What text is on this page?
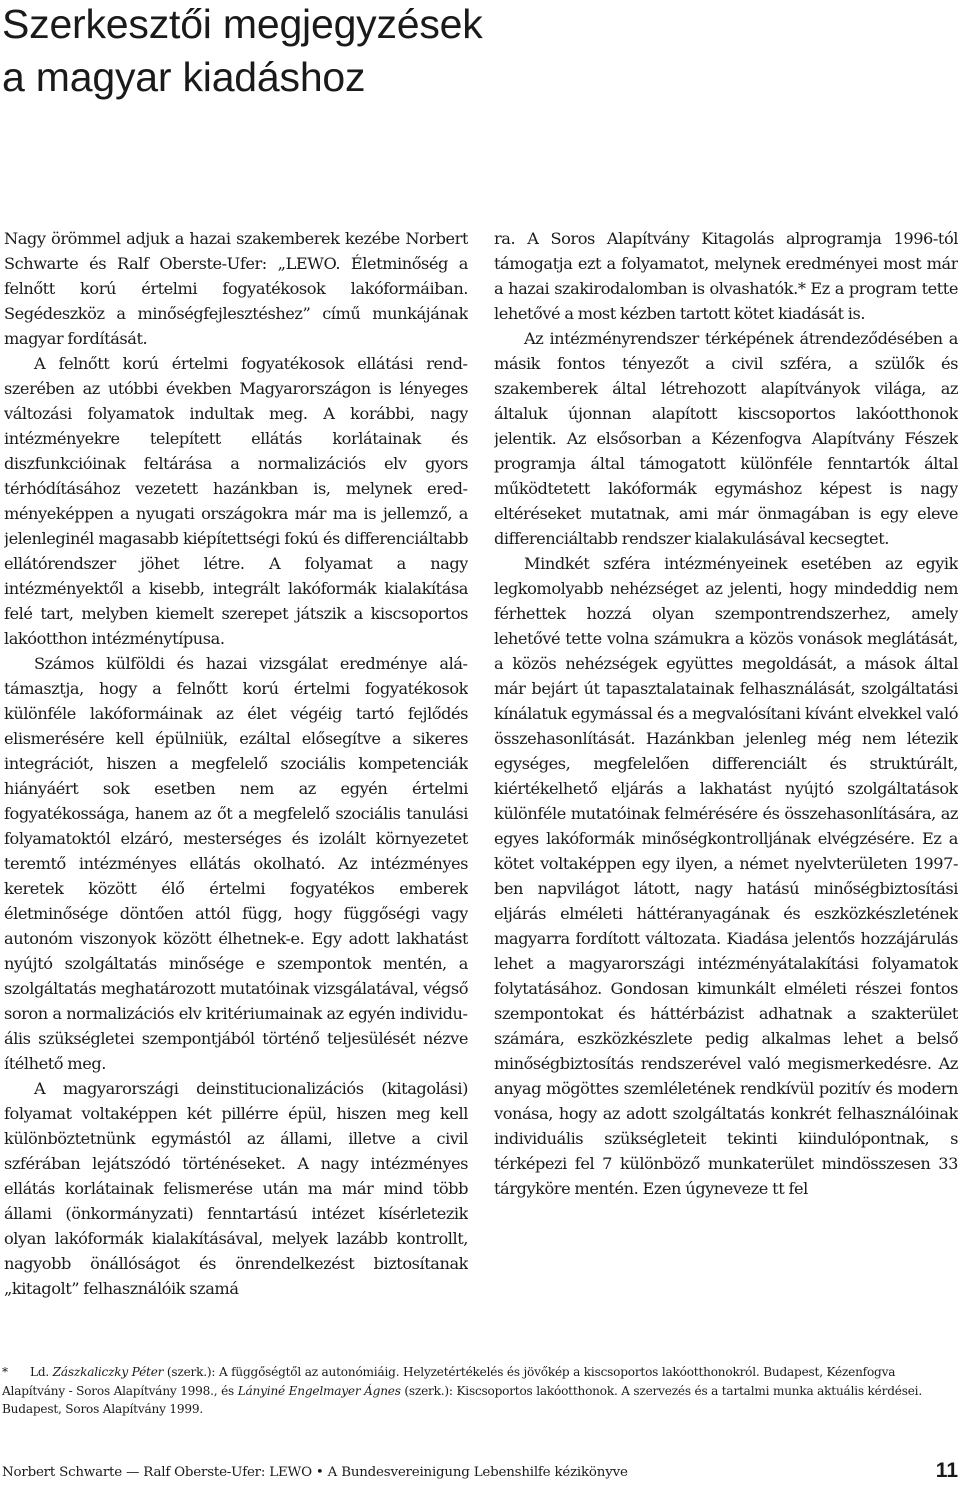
Szerkesztői megjegyzések
a magyar kiadáshoz

Nagy örömmel adjuk a hazai szakemberek kezébe Norbert Schwarte és Ralf Oberste-Ufer: „LEWO. Életminőség a felnőtt korú értelmi fogyatékosok lakóformáiban. Segédeszköz a minőségfejlesztéshez” című munkájának magyar fordítását.

A felnőtt korú értelmi fogyatékosok ellátási rendszerében az utóbbi években Magyarországon is lényeges változási folyamatok indultak meg. A korábbi, nagy intézményekre telepített ellátás korlátainak és diszfunkcióinak feltárása a normalizációs elv gyors térhódításához vezetett hazánkban is, melynek eredményeképpen a nyugati országokra már ma is jellemző, a jelenleginél magasabb kiépítettségi fokú és differenciáltabb ellátórendszer jöhet létre. A folyamat a nagy intézményektől a kisebb, integrált lakóformák kialakítása felé tart, melyben kiemelt szerepet játszik a kiscsoportos lakóotthon intézménytípusa.

Számos külföldi és hazai vizsgálat eredménye alátámasztja, hogy a felnőtt korú értelmi fogyatékosok különféle lakóformáinak az élet végéig tartó fejlődés elismerésére kell épülniük, ezáltal elősegítve a sikeres integrációt, hiszen a megfelelő szociális kompetenciák hiányáért sok esetben nem az egyén értelmi fogyatékossága, hanem az őt a megfelelő szociális tanulási folyamatoktól elzáró, mesterséges és izolált környezetet teremtő intézményes ellátás okolható. Az intézményes keretek között élő értelmi fogyatékos emberek életminősége döntően attól függ, hogy függőségi vagy autonóm viszonyok között élhetnek-e. Egy adott lakhatást nyújtó szolgáltatás minősége e szempontok mentén, a szolgáltatás meghatározott mutatóinak vizsgálatával, végső soron a normalizációs elv kritériumainak az egyén individuális szükségletei szempontjából történő teljesülését nézve ítélhető meg.

A magyarországi deinstitucionalizációs (kitagolási) folyamat voltaképpen két pillérre épül, hiszen meg kell különböztetnünk egymástól az állami, illetve a civil szférában lejátszódó történéseket. A nagy intézményes ellátás korlátainak felismerése után ma már mind több állami (önkormányzati) fenntartású intézet kísérletezik olyan lakóformák kialakításával, melyek lazább kontrollt, nagyobb önállóságot és önrendelkezést biztosítanak „kitagolt” felhasználóik szamá

ra. A Soros Alapítvány Kitagolás alprogramja 1996-tól támogatja ezt a folyamatot, melynek eredményei most már a hazai szakirodalomban is olvashatók.* Ez a program tette lehetővé a most kézben tartott kötet kiadását is.

Az intézményrendszer térképének átrendeződésében a másik fontos tényezőt a civil szféra, a szülők és szakemberek által létrehozott alapítványok világa, az általuk újonnan alapított kiscsoportos lakóotthonok jelentik. Az elsősorban a Kézenfogva Alapítvány Fészek programja által támogatott különféle fenntartók által működtetett lakóformák egymáshoz képest is nagy eltéréseket mutatnak, ami már önmagában is egy eleve differenciáltabb rendszer kialakulásával kecsegtet.

Mindkét szféra intézményeinek esetében az egyik legkomolyabb nehézséget az jelenti, hogy mindeddig nem férhettek hozzá olyan szempontrendszerhez, amely lehetővé tette volna számukra a közös vonások meglátását, a közös nehézségek együttes megoldását, a mások által már bejárt út tapasztalatainak felhasználását, szolgáltatási kínálatuk egymással és a megvalósítani kívánt elvekkel való összehasonlítását. Hazánkban jelenleg még nem létezik egységes, megfelelően differenciált és struktúrált, kiértékelhető eljárás a lakhatást nyújtó szolgáltatások különféle mutatóinak felmérésére és összehasonlítására, az egyes lakóformák minőségkontrolljának elvégzésére. Ez a kötet voltaképpen egy ilyen, a német nyelvterületen 1997-ben napvilágot látott, nagy hatású minőségbiztosítási eljárás elméleti háttéranyagának és eszközkészletének magyarra fordított változata. Kiadása jelentős hozzájárulás lehet a magyarországi intézményátalakítási folyamatok folytatásához. Gondosan kimunkált elméleti részei fontos szempontokat és háttérbázist adhatnak a szakterület számára, eszközkészlete pedig alkalmas lehet a belső minőségbiztosítás rendszerével való megismerkedésre. Az anyag mögöttes szemléletének rendkívül pozitív és modern vonása, hogy az adott szolgáltatás konkrét felhasználóinak individuális szükségleteit tekinti kiindulópontnak, s térképezi fel 7 különböző munkaterület mindösszesen 33 tárgyköre mentén. Ezen úgyneveze tt fel

* Ld. Zászkaliczky Péter (szerk.): A függőségtől az autonómiáig. Helyzetértékelés és jövőkép a kiscsoportos lakóotthonokról. Budapest, Kézenfogva Alapítvány - Soros Alapítvány 1998., és Lányiné Engelmayer Ágnes (szerk.): Kiscsoportos lakóotthonok. A szervezés és a tartalmi munka aktuális kérdései. Budapest, Soros Alapítvány 1999.
Norbert Schwarte — Ralf Oberste-Ufer: LEWO • A Bundesvereinigung Lebenshilfe kézikönyve	11
